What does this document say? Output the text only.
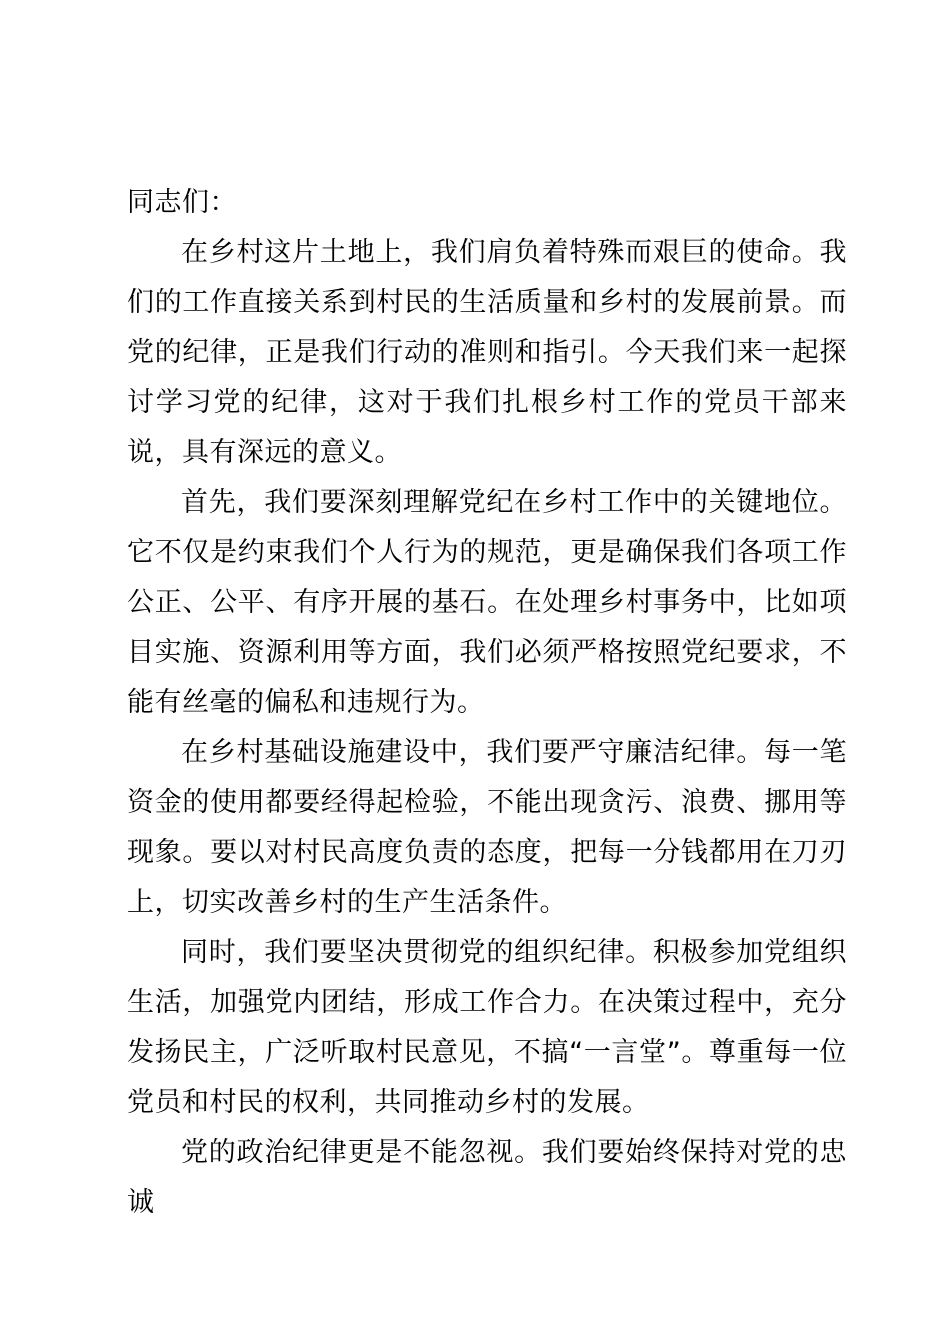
同志们：

在乡村这片土地上，我们肩负着特殊而艰巨的使命。我们的工作直接关系到村民的生活质量和乡村的发展前景。而党的纪律，正是我们行动的准则和指引。今天我们来一起探讨学习党的纪律，这对于我们扎根乡村工作的党员干部来说，具有深远的意义。

首先，我们要深刻理解党纪在乡村工作中的关键地位。它不仅是约束我们个人行为的规范，更是确保我们各项工作公正、公平、有序开展的基石。在处理乡村事务中，比如项目实施、资源利用等方面，我们必须严格按照党纪要求，不能有丝毫的偏私和违规行为。

在乡村基础设施建设中，我们要严守廉洁纪律。每一笔资金的使用都要经得起检验，不能出现贪污、浪费、挪用等现象。要以对村民高度负责的态度，把每一分钱都用在刀刃上，切实改善乡村的生产生活条件。

同时，我们要坚决贯彻党的组织纪律。积极参加党组织生活，加强党内团结，形成工作合力。在决策过程中，充分发扬民主，广泛听取村民意见，不搞“一言堂”。尊重每一位党员和村民的权利，共同推动乡村的发展。

党的政治纪律更是不能忽视。我们要始终保持对党的忠诚
